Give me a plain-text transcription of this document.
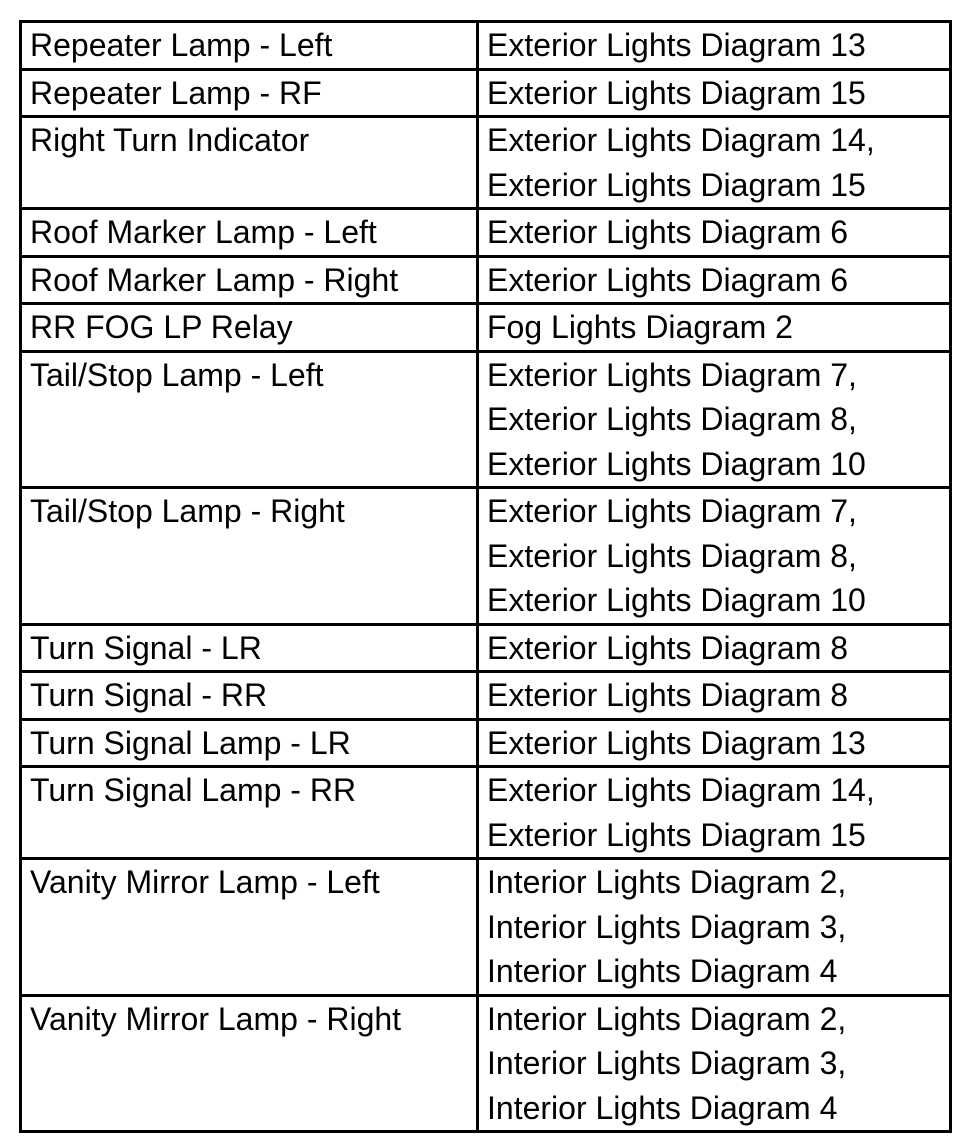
Repeater Lamp - Left	Exterior Lights Diagram 13

Repeater Lamp - RF	Exterior Lights Diagram 15

Right Turn Indicator	Exterior Lights Diagram 14,
Exterior Lights Diagram 15

Roof Marker Lamp - Left	Exterior Lights Diagram 6

Roof Marker Lamp - Right	Exterior Lights Diagram 6

RR FOG LP Relay	Fog Lights Diagram 2

Tail/Stop Lamp - Left	Exterior Lights Diagram 7,
Exterior Lights Diagram 8,
Exterior Lights Diagram 10

Tail/Stop Lamp - Right	Exterior Lights Diagram 7,
Exterior Lights Diagram 8,
Exterior Lights Diagram 10

Turn Signal - LR	Exterior Lights Diagram 8

Turn Signal - RR	Exterior Lights Diagram 8

Turn Signal Lamp - LR	Exterior Lights Diagram 13

Turn Signal Lamp - RR	Exterior Lights Diagram 14,
Exterior Lights Diagram 15

Vanity Mirror Lamp - Left	Interior Lights Diagram 2,
Interior Lights Diagram 3,
Interior Lights Diagram 4

Vanity Mirror Lamp - Right	Interior Lights Diagram 2,
Interior Lights Diagram 3,
Interior Lights Diagram 4
